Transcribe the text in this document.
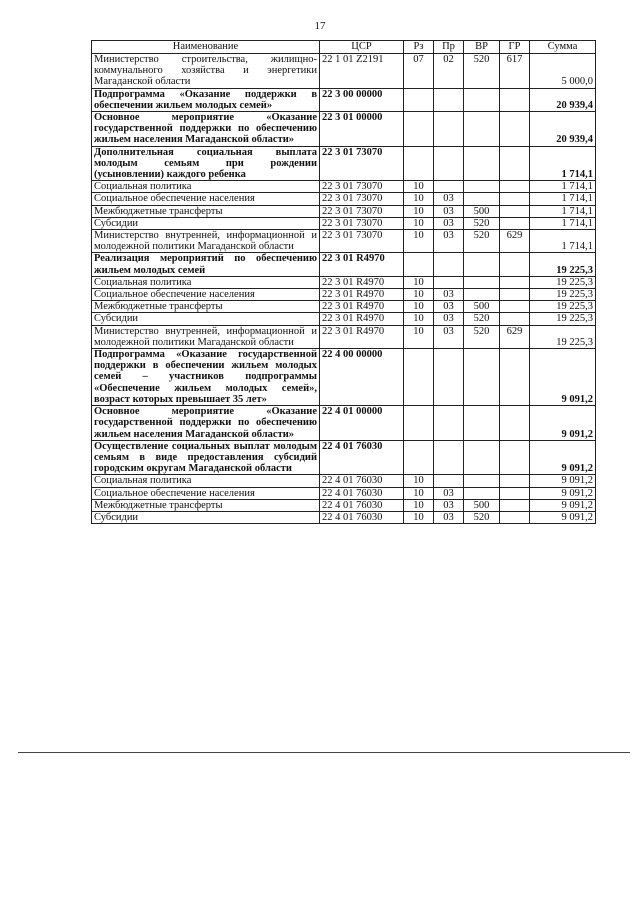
17
Наименование	ЦСР	Рз	Пр	ВР	ГР	Сумма
Министерство строительства, жилищно-коммунального хозяйства и энергетики Магаданской области	22 1 01 Z2191	07	02	520	617	5 000,0
Подпрограмма «Оказание поддержки в обеспечении жильем молодых семей»	22 3 00 00000					20 939,4
Основное мероприятие «Оказание государственной поддержки по обеспечению жильем населения Магаданской области»	22 3 01 00000					20 939,4
Дополнительная социальная выплата молодым семьям при рождении (усыновлении) каждого ребенка	22 3 01 73070					1 714,1
Социальная политика	22 3 01 73070	10				1 714,1
Социальное обеспечение населения	22 3 01 73070	10	03			1 714,1
Межбюджетные трансферты	22 3 01 73070	10	03	500		1 714,1
Субсидии	22 3 01 73070	10	03	520		1 714,1
Министерство внутренней, информационной и молодежной политики Магаданской области	22 3 01 73070	10	03	520	629	1 714,1
Реализация мероприятий по обеспечению жильем молодых семей	22 3 01 R4970					19 225,3
Социальная политика	22 3 01 R4970	10				19 225,3
Социальное обеспечение населения	22 3 01 R4970	10	03			19 225,3
Межбюджетные трансферты	22 3 01 R4970	10	03	500		19 225,3
Субсидии	22 3 01 R4970	10	03	520		19 225,3
Министерство внутренней, информационной и молодежной политики Магаданской области	22 3 01 R4970	10	03	520	629	19 225,3
Подпрограмма «Оказание государственной поддержки в обеспечении жильем молодых семей – участников подпрограммы «Обеспечение жильем молодых семей», возраст которых превышает 35 лет»	22 4 00 00000					9 091,2
Основное мероприятие «Оказание государственной поддержки по обеспечению жильем населения Магаданской области»	22 4 01 00000					9 091,2
Осуществление социальных выплат молодым семьям в виде предоставления субсидий городским округам Магаданской области	22 4 01 76030					9 091,2
Социальная политика	22 4 01 76030	10				9 091,2
Социальное обеспечение населения	22 4 01 76030	10	03			9 091,2
Межбюджетные трансферты	22 4 01 76030	10	03	500		9 091,2
Субсидии	22 4 01 76030	10	03	520		9 091,2
